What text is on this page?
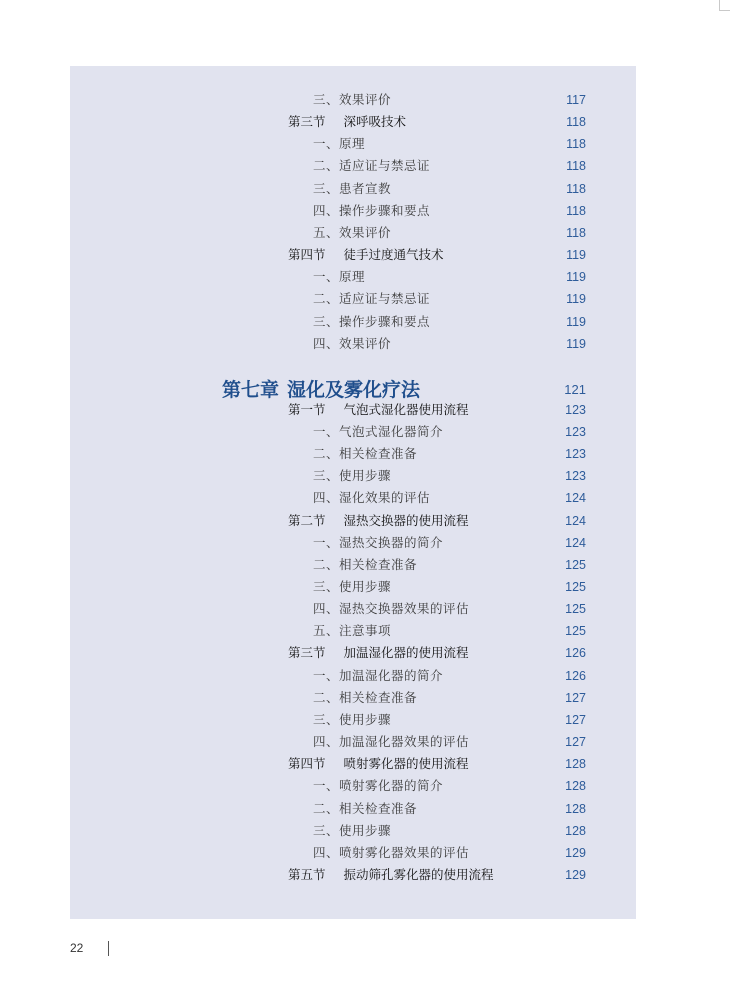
三、效果评价	117
第三节 深呼吸技术	118
一、原理	118
二、适应证与禁忌证	118
三、患者宣教	118
四、操作步骤和要点	118
五、效果评价	118
第四节 徒手过度通气技术	119
一、原理	119
二、适应证与禁忌证	119
三、操作步骤和要点	119
四、效果评价	119
第七章 湿化及雾化疗法	121
第一节 气泡式湿化器使用流程	123
一、气泡式湿化器简介	123
二、相关检查准备	123
三、使用步骤	123
四、湿化效果的评估	124
第二节 湿热交换器的使用流程	124
一、湿热交换器的简介	124
二、相关检查准备	125
三、使用步骤	125
四、湿热交换器效果的评估	125
五、注意事项	125
第三节 加温湿化器的使用流程	126
一、加温湿化器的简介	126
二、相关检查准备	127
三、使用步骤	127
四、加温湿化器效果的评估	127
第四节 喷射雾化器的使用流程	128
一、喷射雾化器的简介	128
二、相关检查准备	128
三、使用步骤	128
四、喷射雾化器效果的评估	129
第五节 振动筛孔雾化器的使用流程	129
22
